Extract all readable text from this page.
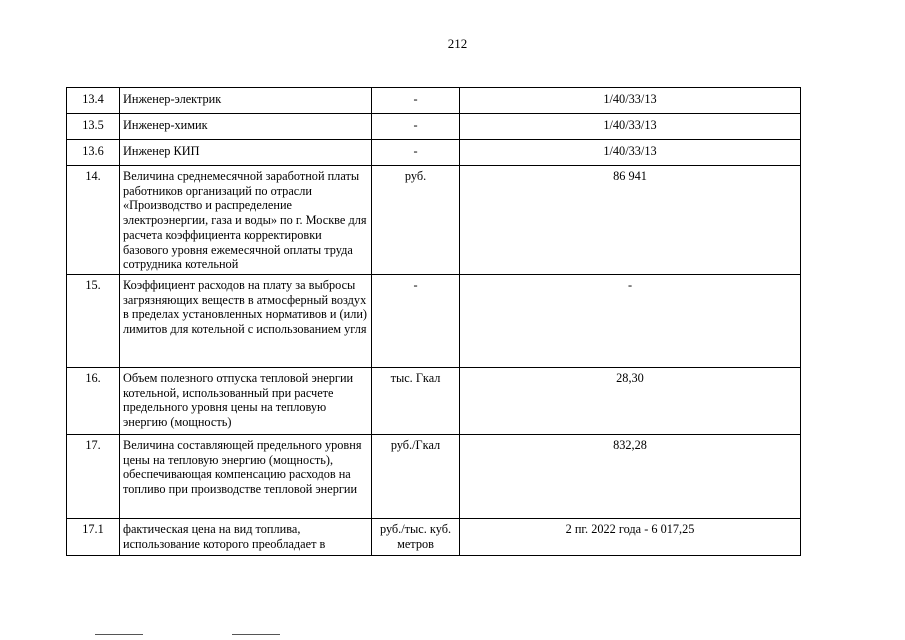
212
13.4	Инженер-электрик	-	1/40/33/13
13.5	Инженер-химик	-	1/40/33/13
13.6	Инженер КИП	-	1/40/33/13
14.	Величина среднемесячной заработной платы работников организаций по отрасли «Производство и распределение электроэнергии, газа и воды» по г. Москве для расчета коэффициента корректировки базового уровня ежемесячной оплаты труда сотрудника котельной	руб.	86 941
15.	Коэффициент расходов на плату за выбросы загрязняющих веществ в атмосферный воздух в пределах установленных нормативов и (или) лимитов для котельной с использованием угля	-	-
16.	Объем полезного отпуска тепловой энергии котельной, использованный при расчете предельного уровня цены на тепловую энергию (мощность)	тыс. Гкал	28,30
17.	Величина составляющей предельного уровня цены на тепловую энергию (мощность), обеспечивающая компенсацию расходов на топливо при производстве тепловой энергии	руб./Гкал	832,28
17.1	фактическая цена на вид топлива, использование которого преобладает в	руб./тыс. куб. метров	2 пг. 2022 года - 6 017,25
